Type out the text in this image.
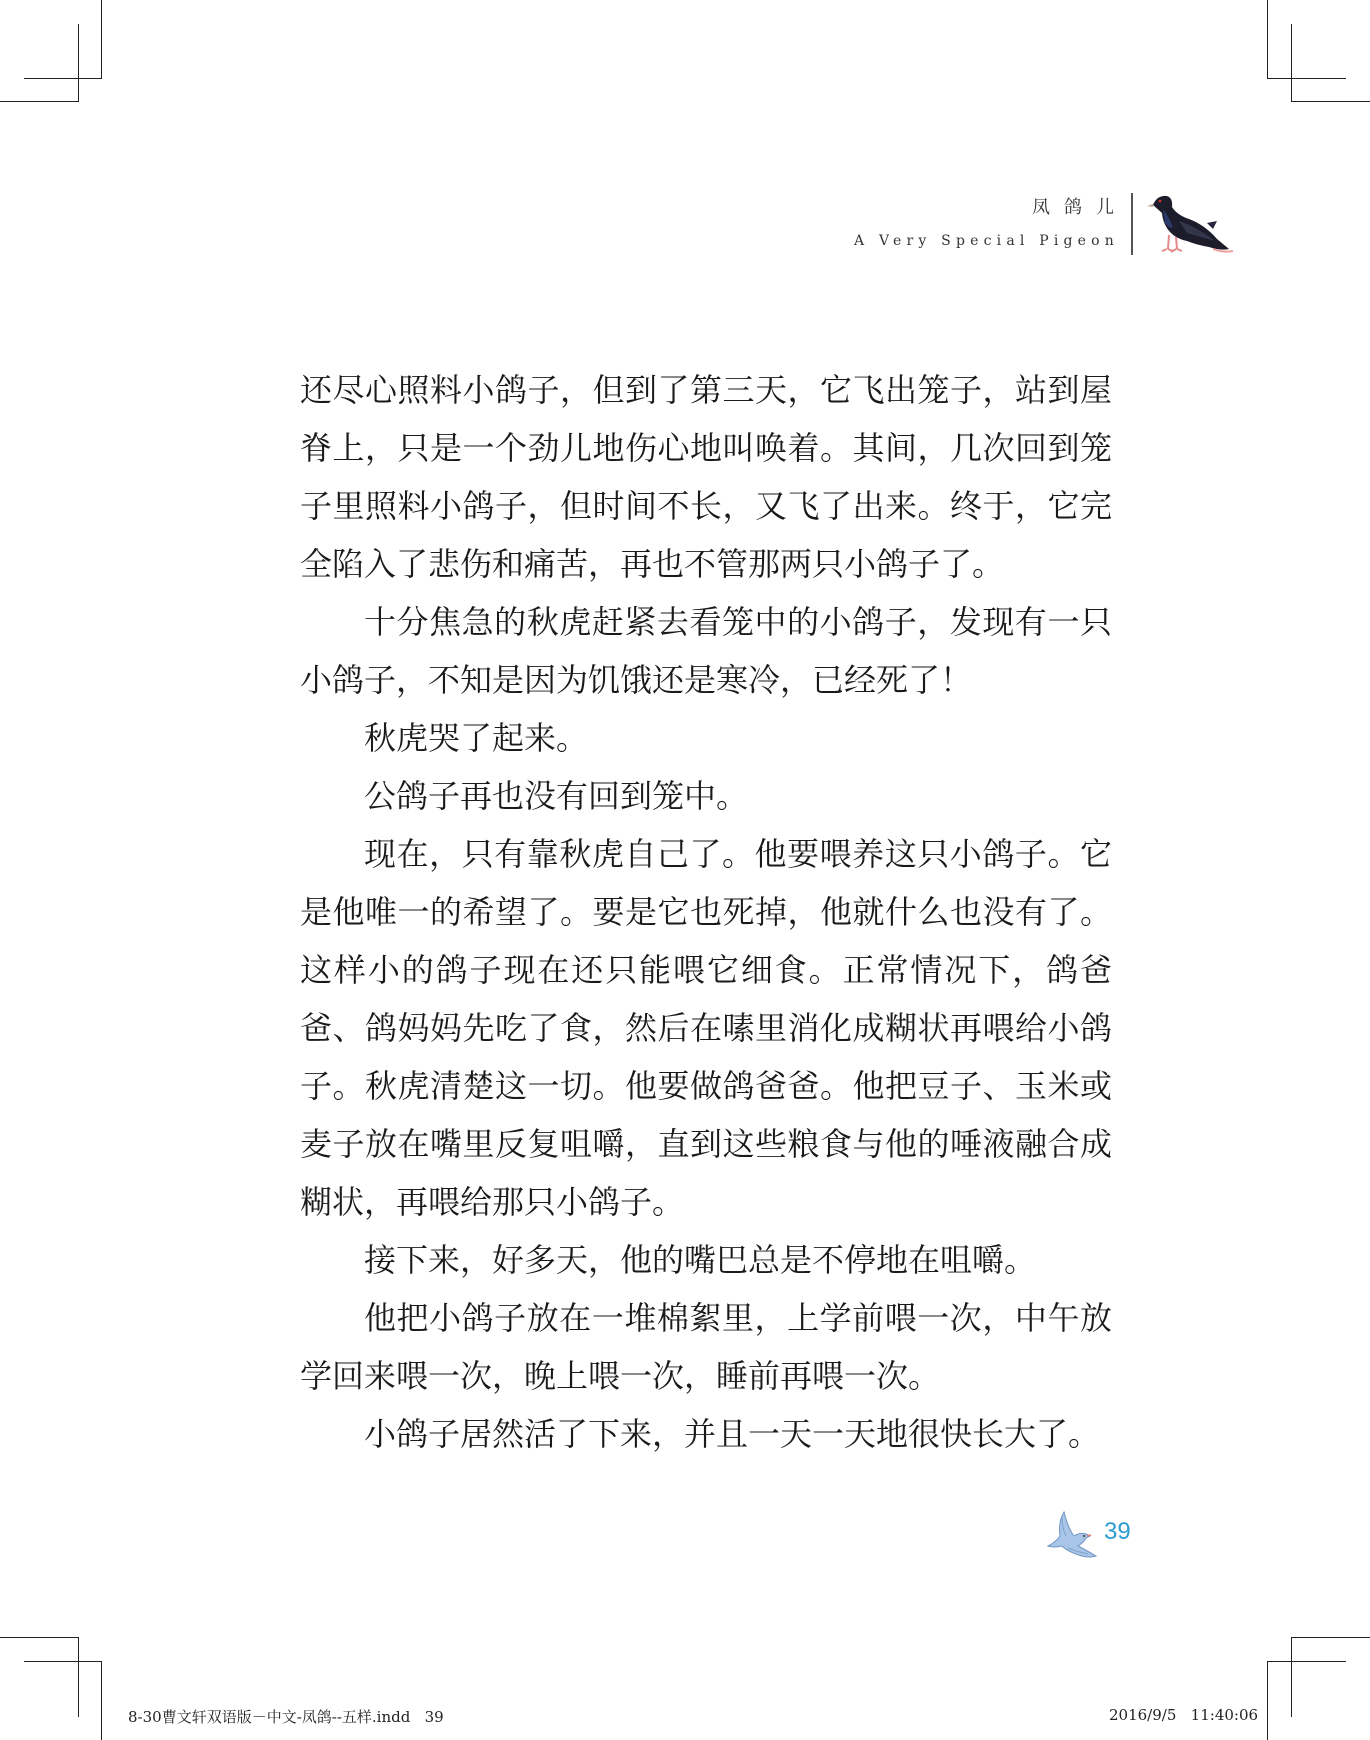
凤鸽儿
A Very Special Pigeon

还尽心照料小鸽子，但到了第三天，它飞出笼子，站到屋脊上，只是一个劲儿地伤心地叫唤着。其间，几次回到笼子里照料小鸽子，但时间不长，又飞了出来。终于，它完全陷入了悲伤和痛苦，再也不管那两只小鸽子了。

十分焦急的秋虎赶紧去看笼中的小鸽子，发现有一只小鸽子，不知是因为饥饿还是寒冷，已经死了！

秋虎哭了起来。

公鸽子再也没有回到笼中。

现在，只有靠秋虎自己了。他要喂养这只小鸽子。它是他唯一的希望了。要是它也死掉，他就什么也没有了。这样小的鸽子现在还只能喂它细食。正常情况下，鸽爸爸、鸽妈妈先吃了食，然后在嗉里消化成糊状再喂给小鸽子。秋虎清楚这一切。他要做鸽爸爸。他把豆子、玉米或麦子放在嘴里反复咀嚼，直到这些粮食与他的唾液融合成糊状，再喂给那只小鸽子。

接下来，好多天，他的嘴巴总是不停地在咀嚼。

他把小鸽子放在一堆棉絮里，上学前喂一次，中午放学回来喂一次，晚上喂一次，睡前再喂一次。

小鸽子居然活了下来，并且一天一天地很快长大了。

39
8-30曹文轩双语版－中文-凤鸽--五样.indd   39	2016/9/5   11:40:06
